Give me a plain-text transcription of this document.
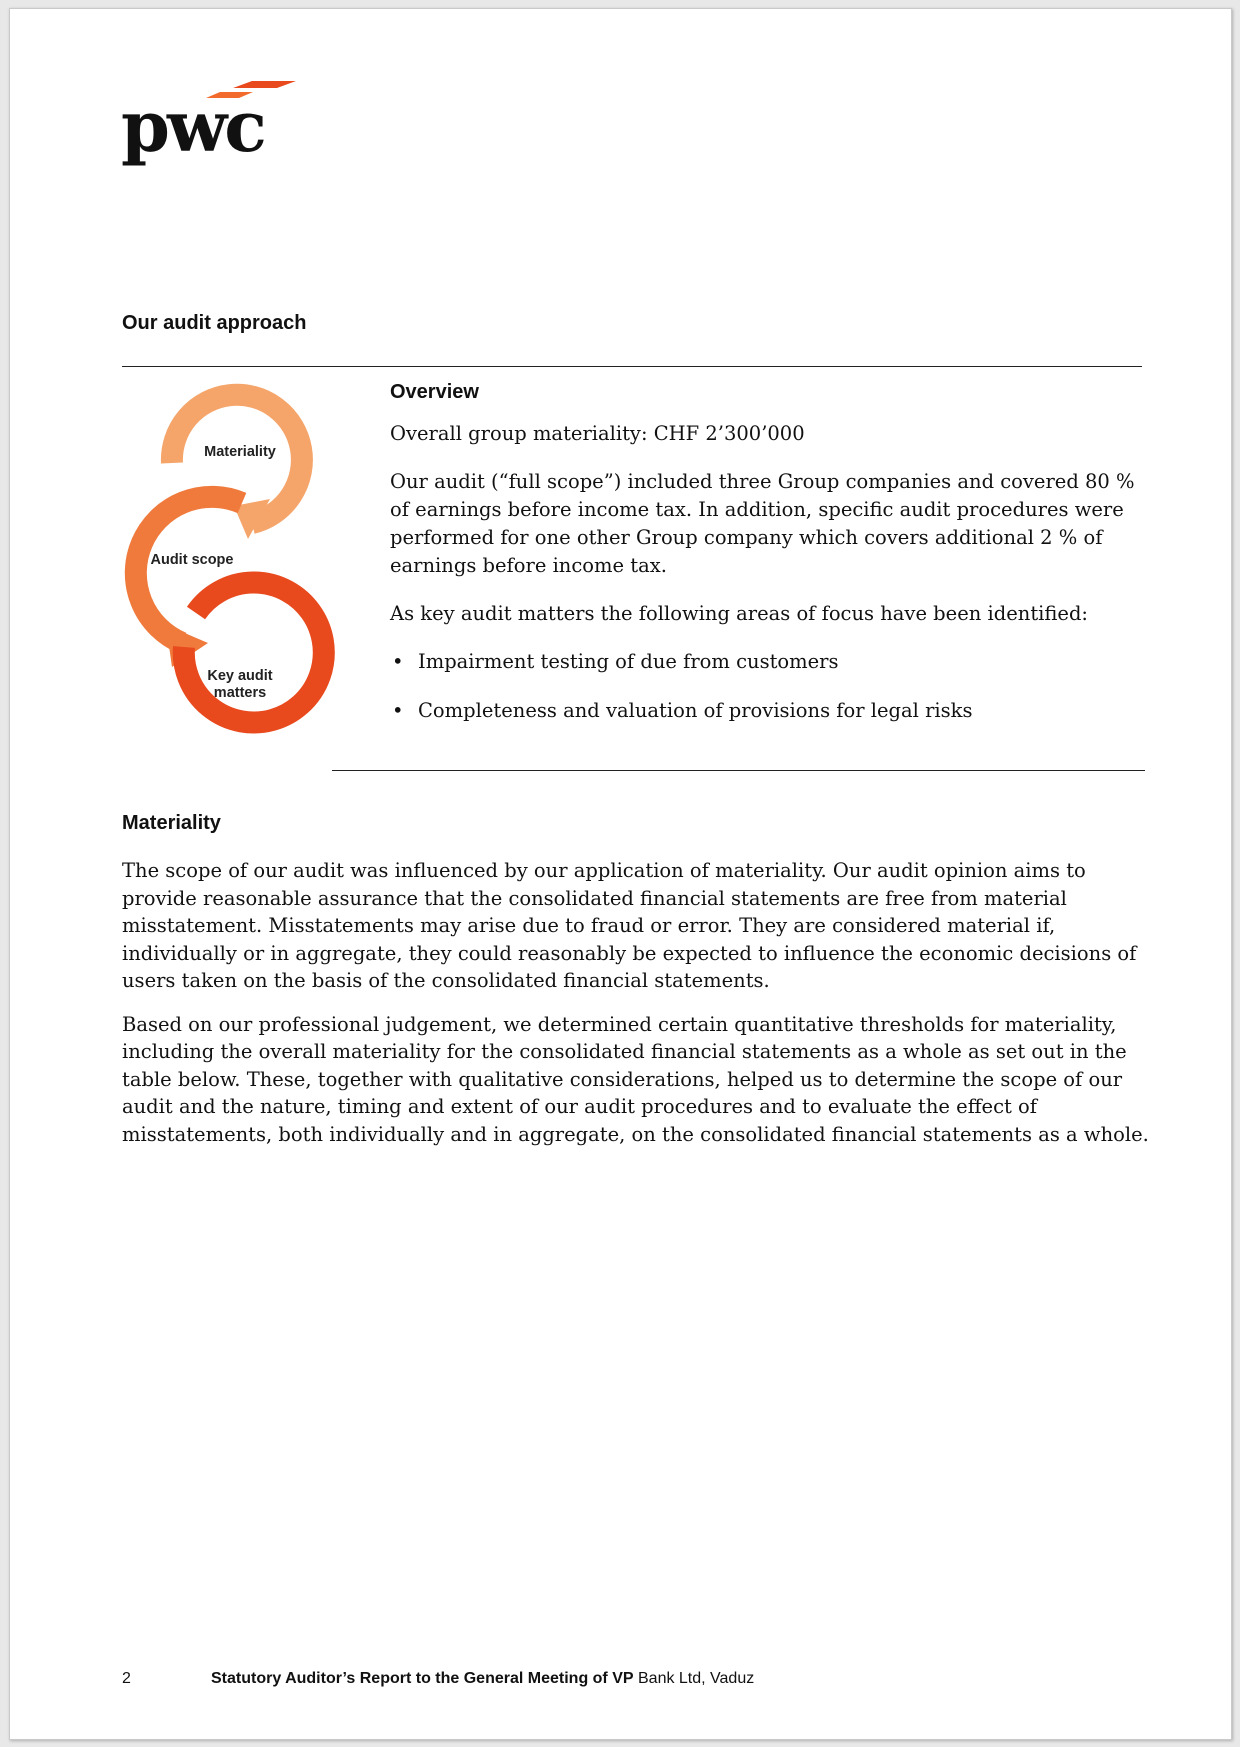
pwc
Our audit approach
Materiality
Audit scope
Key audit
matters
Overview

Overall group materiality: CHF 2’300’000

Our audit (“full scope”) included three Group companies and covered 80 % of earnings before income tax. In addition, specific audit procedures were performed for one other Group company which covers additional 2 % of earnings before income tax.

As key audit matters the following areas of focus have been identified:

• Impairment testing of due from customers
• Completeness and valuation of provisions for legal risks
Materiality

The scope of our audit was influenced by our application of materiality. Our audit opinion aims to provide reasonable assurance that the consolidated financial statements are free from material misstatement. Misstatements may arise due to fraud or error. They are considered material if, individually or in aggregate, they could reasonably be expected to influence the economic decisions of users taken on the basis of the consolidated financial statements.

Based on our professional judgement, we determined certain quantitative thresholds for materiality, including the overall materiality for the consolidated financial statements as a whole as set out in the table below. These, together with qualitative considerations, helped us to determine the scope of our audit and the nature, timing and extent of our audit procedures and to evaluate the effect of misstatements, both individually and in aggregate, on the consolidated financial statements as a whole.

2	Statutory Auditor’s Report to the General Meeting of VP Bank Ltd, Vaduz
